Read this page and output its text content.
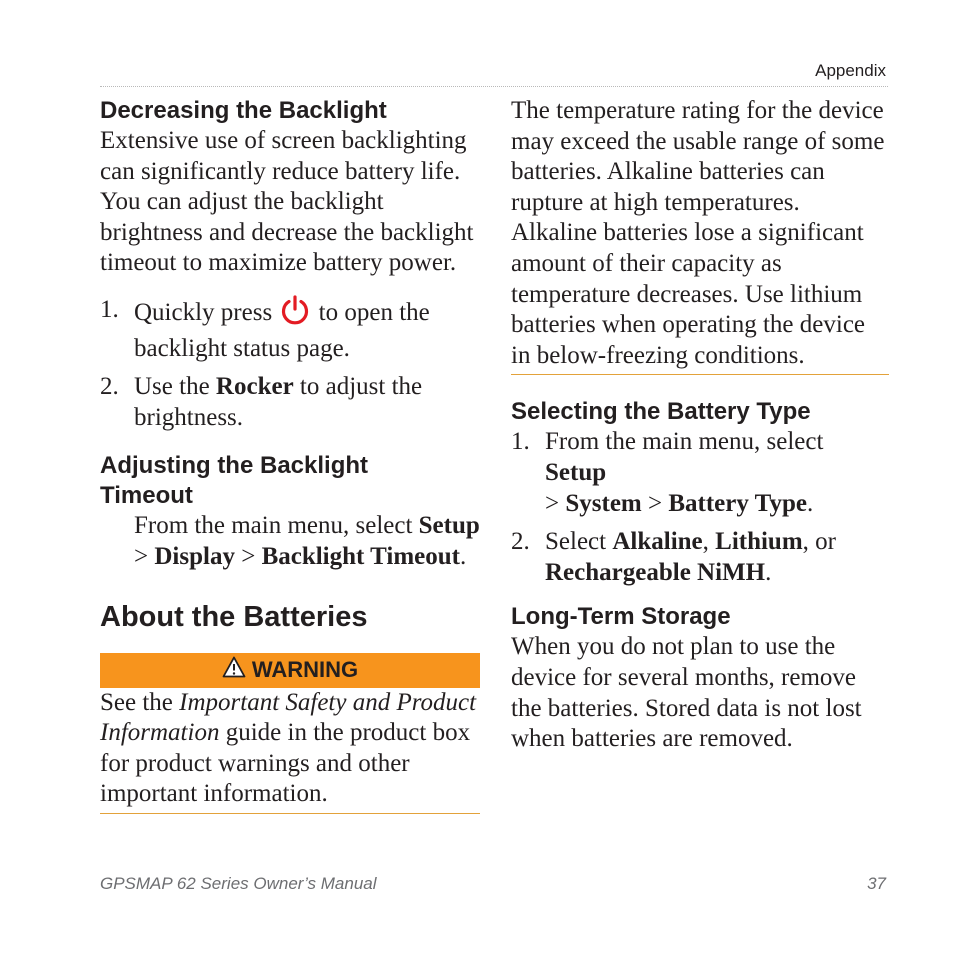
Appendix
Decreasing the Backlight

Extensive use of screen backlighting can significantly reduce battery life. You can adjust the backlight brightness and decrease the backlight timeout to maximize battery power.

1. Quickly press to open the backlight status page.
2. Use the Rocker to adjust the brightness.
Adjusting the Backlight
Timeout

From the main menu, select Setup
> Display > Backlight Timeout.

About the Batteries
WARNING

See the Important Safety and Product Information guide in the product box for product warnings and other important information.

The temperature rating for the device may exceed the usable range of some batteries. Alkaline batteries can rupture at high temperatures. Alkaline batteries lose a significant amount of their capacity as temperature decreases. Use lithium batteries when operating the device in below-freezing conditions.

Selecting the Battery Type
1. From the main menu, select Setup
> System > Battery Type.
2. Select Alkaline, Lithium, or
Rechargeable NiMH.
Long-Term Storage

When you do not plan to use the device for several months, remove the batteries. Stored data is not lost when batteries are removed.

GPSMAP 62 Series Owner’s Manual	37
